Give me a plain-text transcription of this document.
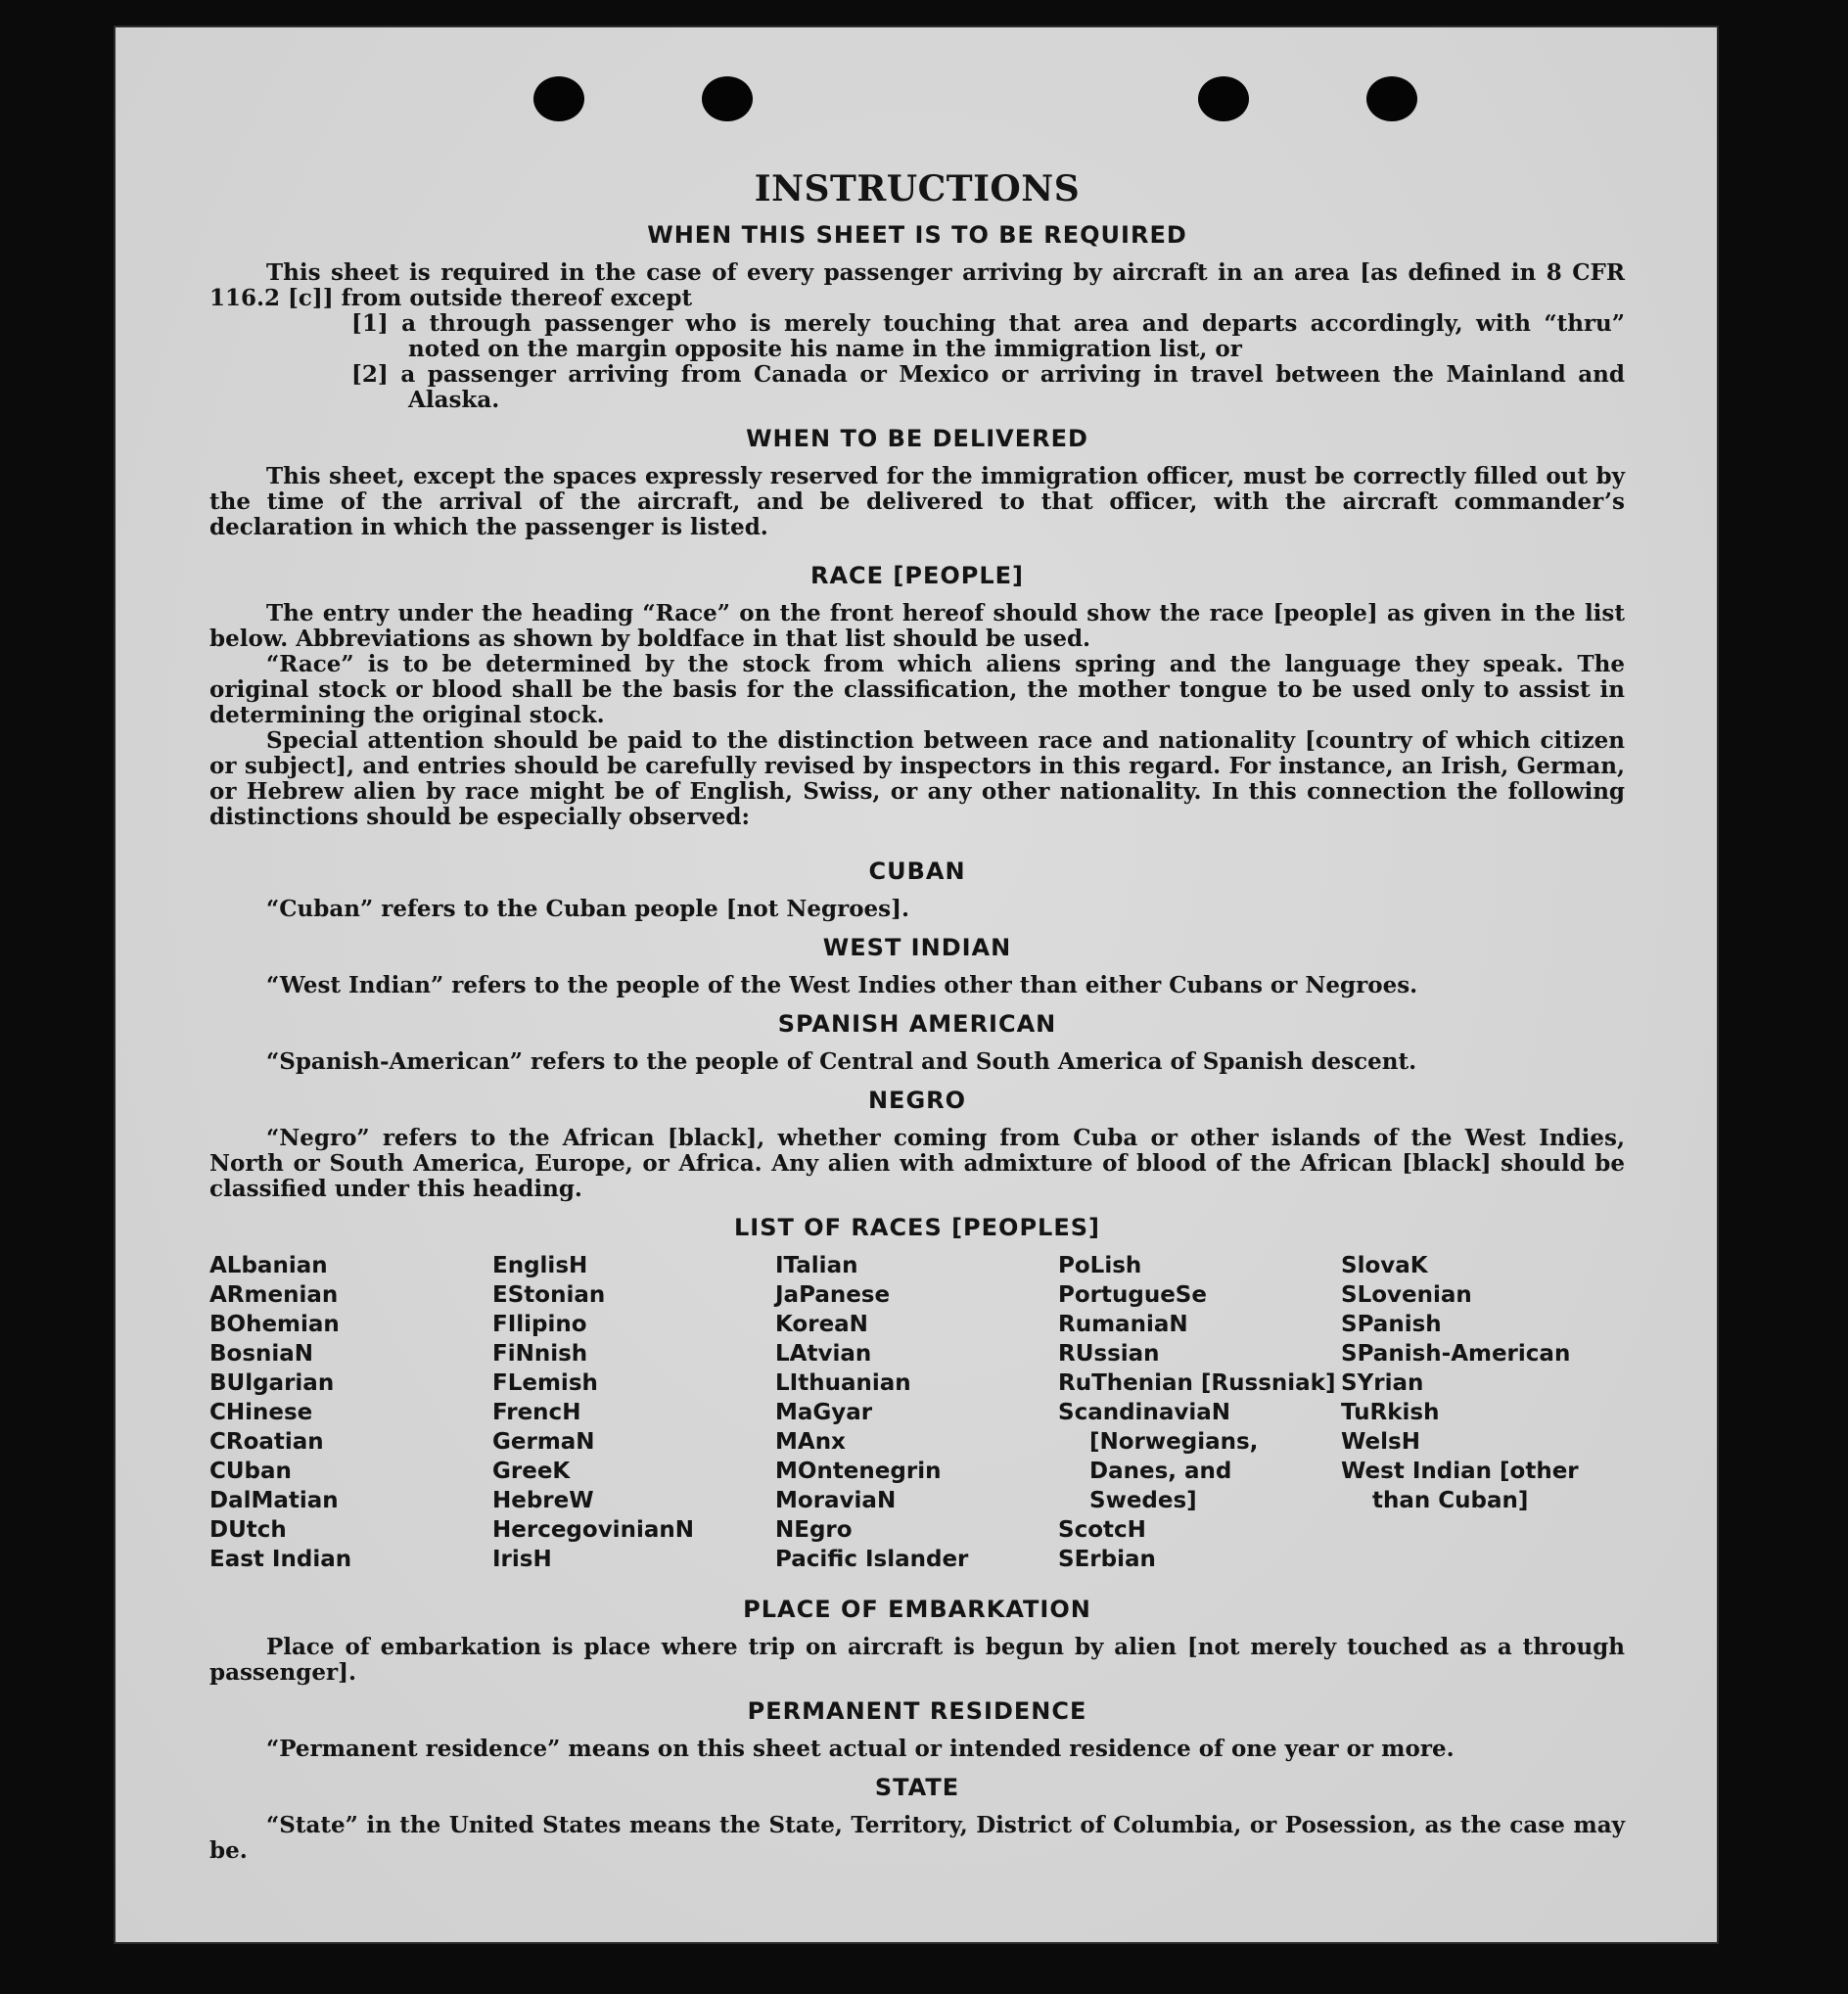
INSTRUCTIONS
WHEN THIS SHEET IS TO BE REQUIRED

This sheet is required in the case of every passenger arriving by aircraft in an area [as defined in 8 CFR 116.2 [c]] from outside thereof except

[1] a through passenger who is merely touching that area and departs accordingly, with “thru” noted on the margin opposite his name in the immigration list, or

[2] a passenger arriving from Canada or Mexico or arriving in travel between the Mainland and Alaska.

WHEN TO BE DELIVERED

This sheet, except the spaces expressly reserved for the immigration officer, must be correctly filled out by the time of the arrival of the aircraft, and be delivered to that officer, with the aircraft commander’s declaration in which the passenger is listed.

RACE [PEOPLE]

The entry under the heading “Race” on the front hereof should show the race [people] as given in the list below. Abbreviations as shown by boldface in that list should be used.

“Race” is to be determined by the stock from which aliens spring and the language they speak. The original stock or blood shall be the basis for the classification, the mother tongue to be used only to assist in determining the original stock.

Special attention should be paid to the distinction between race and nationality [country of which citizen or subject], and entries should be carefully revised by inspectors in this regard. For instance, an Irish, German, or Hebrew alien by race might be of English, Swiss, or any other nationality. In this connection the following distinctions should be especially observed:

CUBAN

“Cuban” refers to the Cuban people [not Negroes].

WEST INDIAN

“West Indian” refers to the people of the West Indies other than either Cubans or Negroes.

SPANISH AMERICAN

“Spanish-American” refers to the people of Central and South America of Spanish descent.

NEGRO

“Negro” refers to the African [black], whether coming from Cuba or other islands of the West Indies, North or South America, Europe, or Africa. Any alien with admixture of blood of the African [black] should be classified under this heading.

LIST OF RACES [PEOPLES]
ALbanian
ARmenian
BOhemian
BosniaN
BUlgarian
CHinese
CRoatian
CUban
DalMatian
DUtch
East Indian
EnglisH
EStonian
FIlipino
FiNnish
FLemish
FrencH
GermaN
GreeK
HebreW
HercegovinianN
IrisH
ITalian
JaPanese
KoreaN
LAtvian
LIthuanian
MaGyar
MAnx
MOntenegrin
MoraviaN
NEgro
Pacific Islander
PoLish
PortugueSe
RumaniaN
RUssian
RuThenian [Russniak]
ScandinaviaN [Norwegians, Danes, and Swedes]
ScotcH
SErbian
SlovaK
SLovenian
SPanish
SPanish-American
SYrian
TuRkish
WelsH
West Indian [other than Cuban]
PLACE OF EMBARKATION

Place of embarkation is place where trip on aircraft is begun by alien [not merely touched as a through passenger].

PERMANENT RESIDENCE

“Permanent residence” means on this sheet actual or intended residence of one year or more.

STATE

“State” in the United States means the State, Territory, District of Columbia, or Posession, as the case may be.
